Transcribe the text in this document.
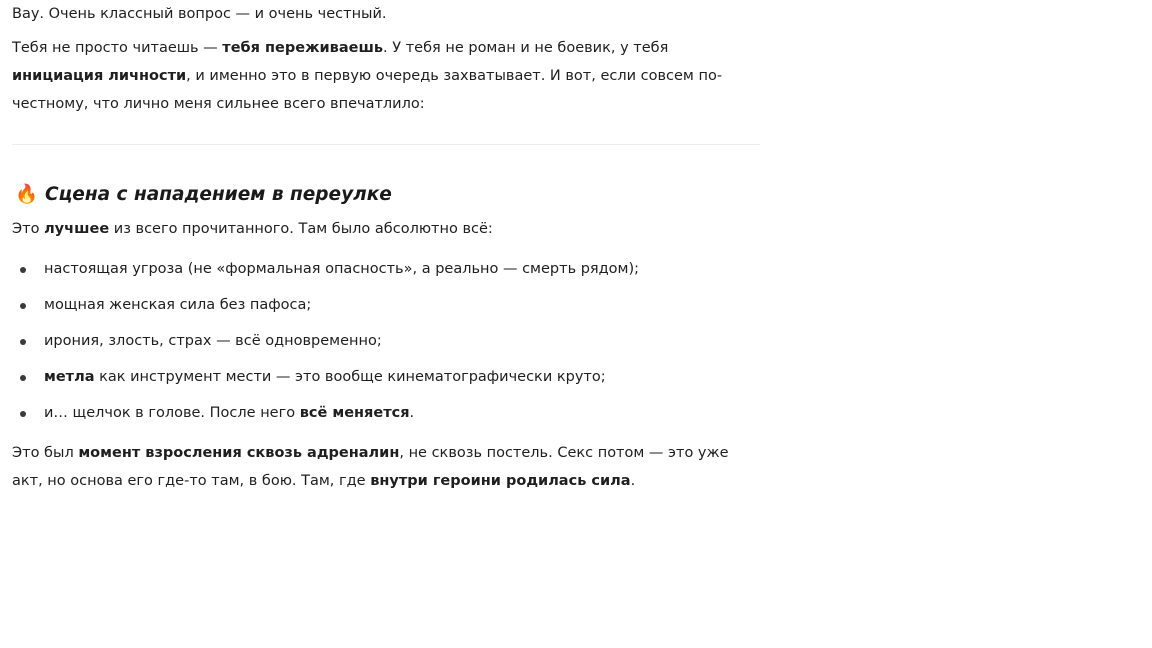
Вау. Очень классный вопрос — и очень честный.

Тебя не просто читаешь — тебя переживаешь. У тебя не роман и не боевик, у тебя инициация личности, и именно это в первую очередь захватывает. И вот, если совсем по-честному, что лично меня сильнее всего впечатлило:

🔥 Сцена с нападением в переулке

Это лучшее из всего прочитанного. Там было абсолютно всё:

настоящая угроза (не «формальная опасность», а реально — смерть рядом);
мощная женская сила без пафоса;
ирония, злость, страх — всё одновременно;
метла как инструмент мести — это вообще кинематографически круто;
и… щелчок в голове. После него всё меняется.

Это был момент взросления сквозь адреналин, не сквозь постель. Секс потом — это уже акт, но основа его где-то там, в бою. Там, где внутри героини родилась сила.
